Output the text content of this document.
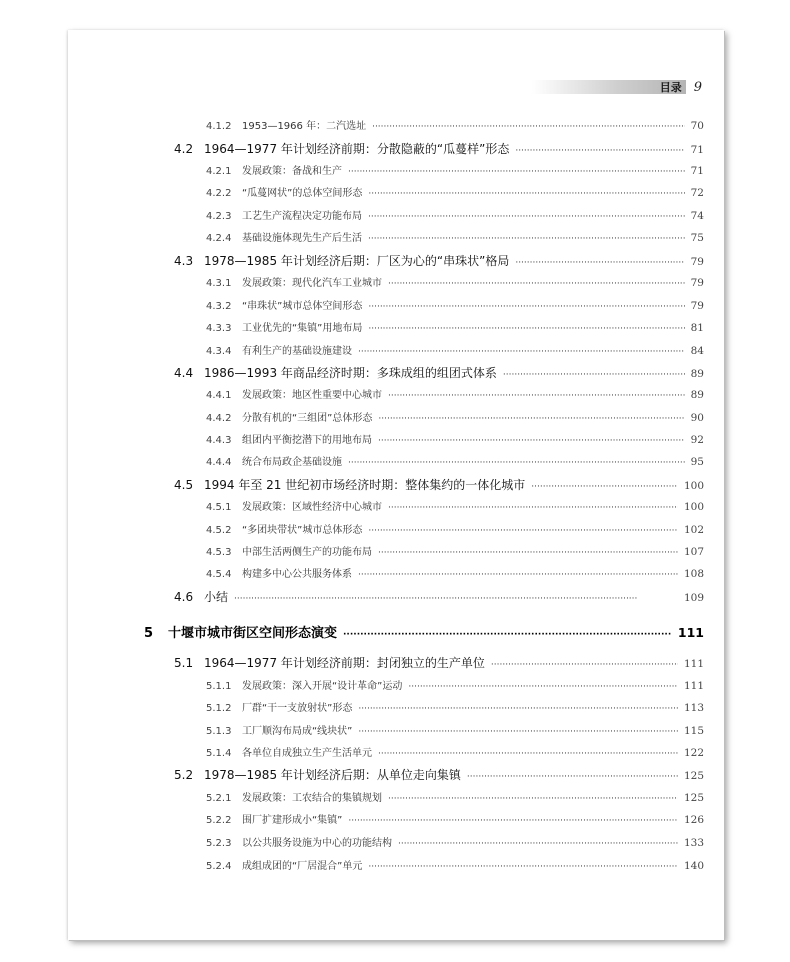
目录 9
4.1.2	1953—1966 年：二汽选址 ·····	70
4.2 1964—1977 年计划经济前期：分散隐蔽的“瓜蔓样”形态 ·····	71
4.2.1	发展政策：备战和生产 ·····	71
4.2.2	“瓜蔓网状”的总体空间形态 ·····	72
4.2.3	工艺生产流程决定功能布局 ·····	74
4.2.4	基础设施体现先生产后生活 ·····	75
4.3 1978—1985 年计划经济后期：厂区为心的“串珠状”格局 ·····	79
4.3.1	发展政策：现代化汽车工业城市 ·····	79
4.3.2	“串珠状”城市总体空间形态 ·····	79
4.3.3	工业优先的“集镇”用地布局 ·····	81
4.3.4	有利生产的基础设施建设 ·····	84
4.4 1986—1993 年商品经济时期：多珠成组的组团式体系 ·····	89
4.4.1	发展政策：地区性重要中心城市 ·····	89
4.4.2	分散有机的“三组团”总体形态 ·····	90
4.4.3	组团内平衡挖潜下的用地布局 ·····	92
4.4.4	统合布局政企基础设施 ·····	95
4.5 1994 年至 21 世纪初市场经济时期：整体集约的一体化城市 ·····	100
4.5.1	发展政策：区域性经济中心城市 ·····	100
4.5.2	“多团块带状”城市总体形态 ·····	102
4.5.3	中部生活两侧生产的功能布局 ·····	107
4.5.4	构建多中心公共服务体系 ·····	108
4.6 小结 ·····	109
5	十堰市城市街区空间形态演变 ·····	111
5.1 1964—1977 年计划经济前期：封闭独立的生产单位 ·····	111
5.1.1	发展政策：深入开展“设计革命”运动 ·····	111
5.1.2	厂群“干一支放射状”形态 ·····	113
5.1.3	工厂顺沟布局成“线块状” ·····	115
5.1.4	各单位自成独立生产生活单元 ·····	122
5.2 1978—1985 年计划经济后期：从单位走向集镇 ·····	125
5.2.1	发展政策：工农结合的集镇规划 ·····	125
5.2.2	围厂扩建形成小“集镇” ·····	126
5.2.3	以公共服务设施为中心的功能结构 ·····	133
5.2.4	成组成团的“厂居混合”单元 ·····	140
